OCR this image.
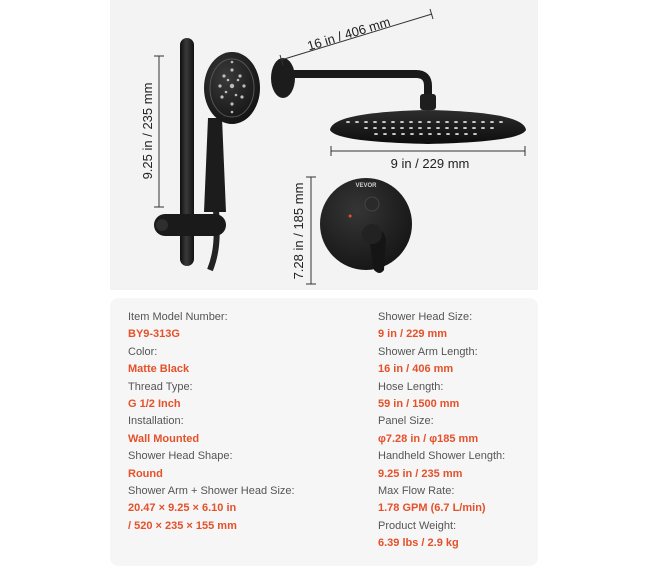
VEVOR
●
16 in / 406 mm
9 in / 229 mm
9.25 in / 235 mm
7.28 in / 185 mm
Item Model Number:
BY9-313G
Color:
Matte Black
Thread Type:
G 1/2 Inch
Installation:
Wall Mounted
Shower Head Shape:
Round
Shower Arm + Shower Head Size:
20.47 × 9.25 × 6.10 in
/ 520 × 235 × 155 mm
Shower Head Size:
9 in / 229 mm
Shower Arm Length:
16 in / 406 mm
Hose Length:
59 in / 1500 mm
Panel Size:
φ7.28 in / φ185 mm
Handheld Shower Length:
9.25 in / 235 mm
Max Flow Rate:
1.78 GPM (6.7 L/min)
Product Weight:
6.39 lbs / 2.9 kg
